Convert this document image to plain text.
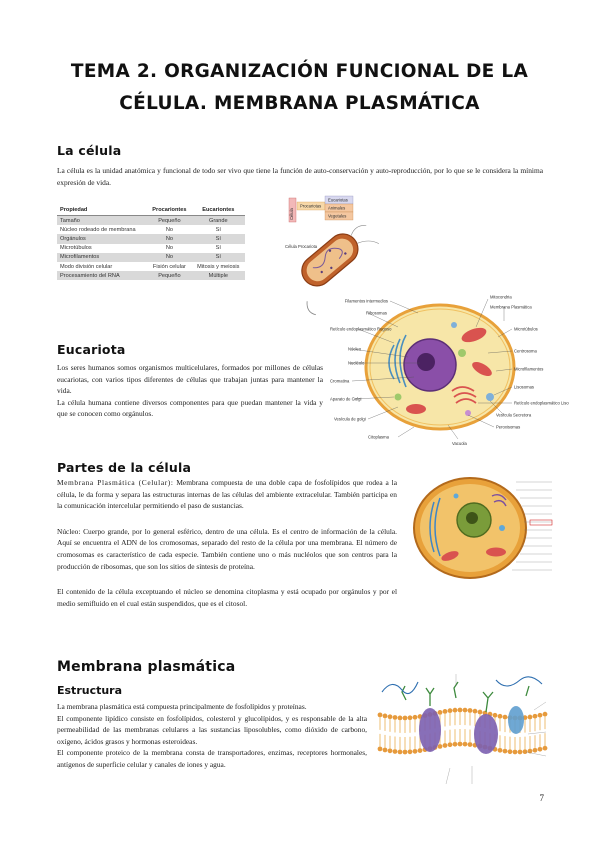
TEMA 2. ORGANIZACIÓN FUNCIONAL DE LA CÉLULA. MEMBRANA PLASMÁTICA
La célula
La célula es la unidad anatómica y funcional de todo ser vivo que tiene la función de auto-conservación y auto-reproducción, por lo que se le considera la mínima expresión de vida.
Propiedad	Procariontes	Eucariontes
Tamaño	Pequeño	Grande
Núcleo rodeado de membrana	No	Sí
Orgánulos	No	Sí
Microtúbulos	No	Sí
Microfilamentos	No	Sí
Modo división celular	Fisión celular	Mitosis y meiosis
Procesamiento del RNA	Pequeño	Múltiple
Célula
Procariotas
Eucariotas
Animales
Vegetales
Célula Procariota
Eucariota

Los seres humanos somos organismos multicelulares, formados por millones de células eucariotas, con varios tipos diferentes de células que trabajan juntas para mantener la vida.

La célula humana contiene diversos componentes para que puedan mantener la vida y que se conocen como orgánulos.

Filamentos intermedios
Ribosomas
Retículo endoplasmático Rugoso
Núcleo
Nucléolo
Cromatina
Aparato de Golgi
Vesícula de golgi
Citoplasma
Mitocondria
Membrana Plasmática
Microtúbulos
Centrosoma
Microfilamentos
Lisosomas
Retículo endoplasmático Liso
Vesícula Secretora
Peroxisomas
Vacuola
Partes de la célula

Membrana Plasmática (Celular): Membrana compuesta de una doble capa de fosfolípidos que rodea a la célula, le da forma y separa las estructuras internas de las células del ambiente extracelular. También participa en la comunicación intercelular permitiendo el paso de sustancias.

Núcleo: Cuerpo grande, por lo general esférico, dentro de una célula. Es el centro de información de la célula. Aquí se encuentra el ADN de los cromosomas, separado del resto de la célula por una membrana. El número de cromosomas es característico de cada especie. También contiene uno o más nucléolos que son centros para la producción de ribosomas, que son los sitios de síntesis de proteína.

El contenido de la célula exceptuando el núcleo se denomina citoplasma y está ocupado por orgánulos y por el medio semifluido en el cual están suspendidos, que es el citosol.

Membrana plasmática
Estructura

La membrana plasmática está compuesta principalmente de fosfolípidos y proteínas.

El componente lipídico consiste en fosfolípidos, colesterol y glucolípidos, y es responsable de la alta permeabilidad de las membranas celulares a las sustancias liposolubles, como dióxido de carbono, oxígeno, ácidos grasos y hormonas esteroideas.

El componente proteico de la membrana consta de transportadores, enzimas, receptores hormonales, antígenos de superficie celular y canales de iones y agua.

7
